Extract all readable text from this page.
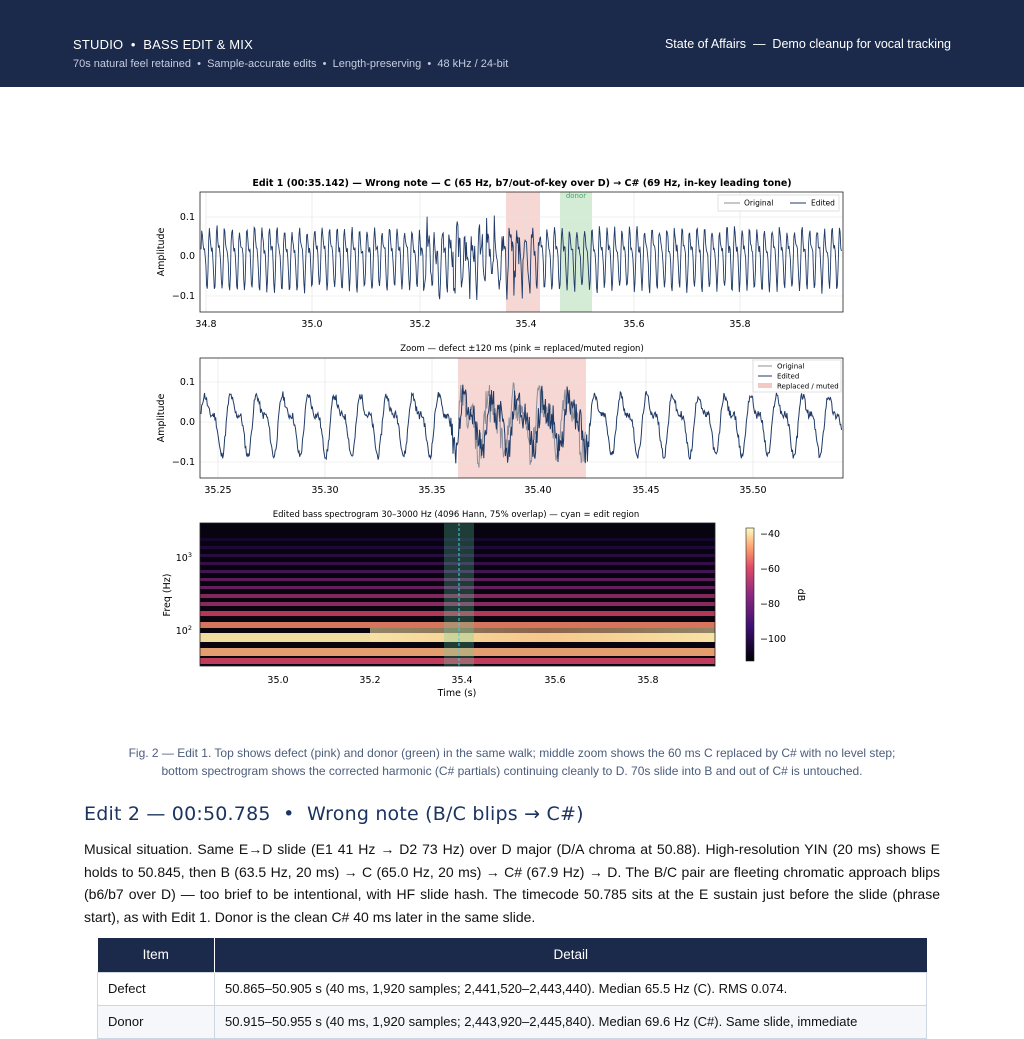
STUDIO  •  BASS EDIT & MIX
70s natural feel retained  •  Sample-accurate edits  •  Length-preserving  •  48 kHz / 24-bit
State of Affairs  —  Demo cleanup for vocal tracking
Edit 1 (00:35.142) — Wrong note — C (65 Hz, b7/out-of-key over D) → C# (69 Hz, in-key leading tone)
donor
Original	Edited
0.1
0.0
−0.1
Amplitude
34.8	35.0	35.2	35.4	35.6	35.8
Zoom — defect ±120 ms (pink = replaced/muted region)
Original
Edited
Replaced / muted
0.1
0.0
−0.1
Amplitude
35.25	35.30	35.35	35.40	35.45	35.50
Edited bass spectrogram 30–3000 Hz (4096 Hann, 75% overlap) — cyan = edit region
$10^3$
$10^2$
Freq (Hz)
35.0	35.2	35.4	35.6	35.8
Time (s)
−40
−60
−80
−100
dB
Fig. 2 — Edit 1. Top shows defect (pink) and donor (green) in the same walk; middle zoom shows the 60 ms C replaced by C# with no level step;
bottom spectrogram shows the corrected harmonic (C# partials) continuing cleanly to D. 70s slide into B and out of C# is untouched.
Edit 2 — 00:50.785  •  Wrong note (B/C blips → C#)
Musical situation. Same E→D slide (E1 41 Hz → D2 73 Hz) over D major (D/A chroma at 50.88). High-resolution YIN (20 ms) shows E holds to 50.845, then B (63.5 Hz, 20 ms) → C (65.0 Hz, 20 ms) → C# (67.9 Hz) → D. The B/C pair are fleeting chromatic approach blips (b6/b7 over D) — too brief to be intentional, with HF slide hash. The timecode 50.785 sits at the E sustain just before the slide (phrase start), as with Edit 1. Donor is the clean C# 40 ms later in the same slide.
Item	Detail
Defect	50.865–50.905 s (40 ms, 1,920 samples; 2,441,520–2,443,440). Median 65.5 Hz (C). RMS 0.074.
Donor	50.915–50.955 s (40 ms, 1,920 samples; 2,443,920–2,445,840). Median 69.6 Hz (C#). Same slide, immediate
